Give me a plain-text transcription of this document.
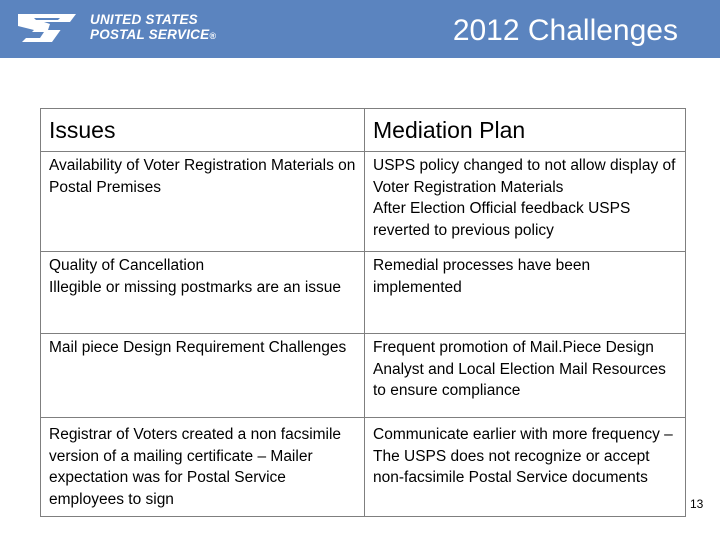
UNITED STATES
POSTAL SERVICE®	2012 Challenges
Issues	Mediation Plan

Availability of Voter Registration Materials on Postal Premises	USPS policy changed to not allow display of Voter Registration Materials
After Election Official feedback USPS reverted to previous policy

Quality of Cancellation
Illegible or missing postmarks are an issue	Remedial processes have been implemented

Mail piece Design Requirement Challenges	Frequent promotion of Mail.Piece Design Analyst and Local Election Mail Resources to ensure compliance

Registrar of Voters created a non facsimile version of a mailing certificate – Mailer expectation was for Postal Service employees to sign	Communicate earlier with more frequency – The USPS does not recognize or accept non-facsimile Postal Service documents
13
